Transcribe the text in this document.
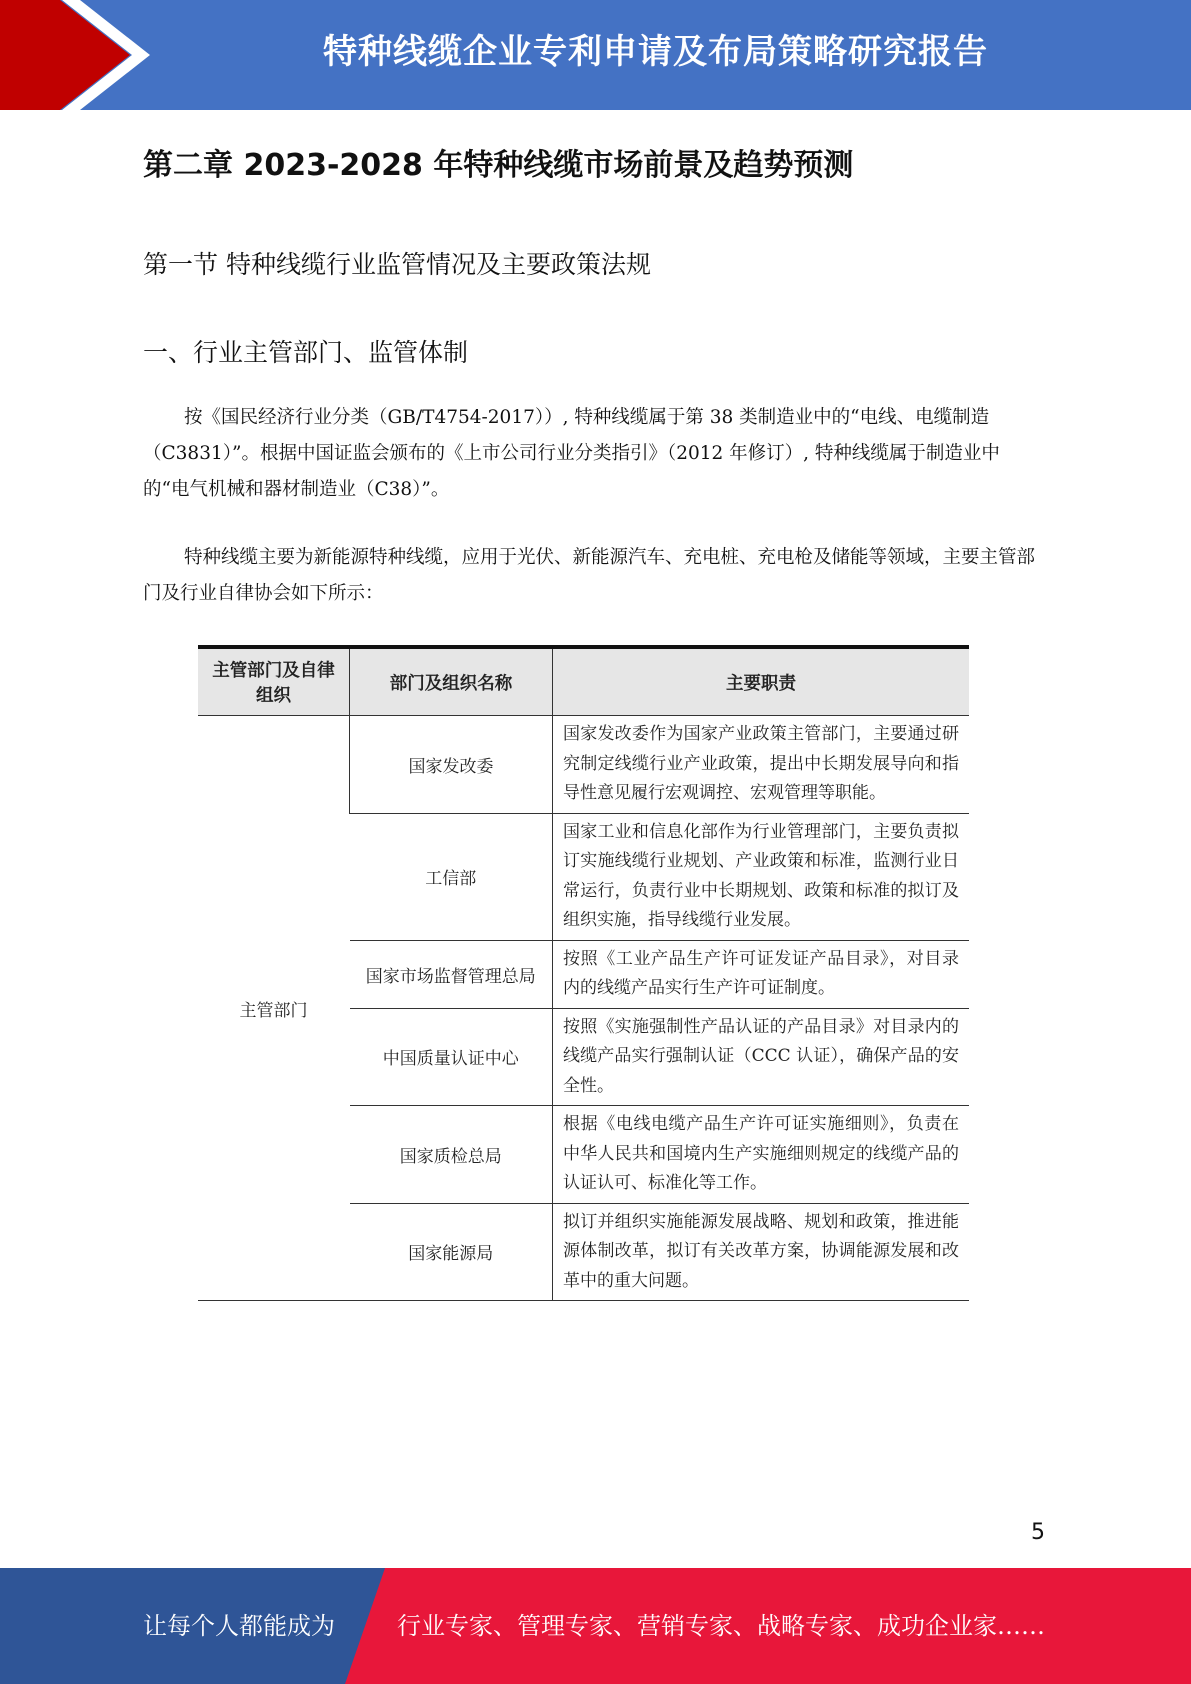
特种线缆企业专利申请及布局策略研究报告
第二章 2023-2028 年特种线缆市场前景及趋势预测
第一节 特种线缆行业监管情况及主要政策法规
一、行业主管部门、监管体制

按《国民经济行业分类（GB/T4754-2017））, 特种线缆属于第 38 类制造业中的“电线、电缆制造（C3831）”。根据中国证监会颁布的《上市公司行业分类指引》（2012 年修订）, 特种线缆属于制造业中的“电气机械和器材制造业（C38）”。

特种线缆主要为新能源特种线缆，应用于光伏、新能源汽车、充电桩、充电枪及储能等领域，主要主管部门及行业自律协会如下所示：

主管部门及自律组织	部门及组织名称	主要职责
主管部门	国家发改委	国家发改委作为国家产业政策主管部门，主要通过研究制定线缆行业产业政策，提出中长期发展导向和指导性意见履行宏观调控、宏观管理等职能。
	工信部	国家工业和信息化部作为行业管理部门，主要负责拟订实施线缆行业规划、产业政策和标准，监测行业日常运行，负责行业中长期规划、政策和标准的拟订及组织实施，指导线缆行业发展。
	国家市场监督管理总局	按照《工业产品生产许可证发证产品目录》，对目录内的线缆产品实行生产许可证制度。
	中国质量认证中心	按照《实施强制性产品认证的产品目录》对目录内的线缆产品实行强制认证（CCC 认证），确保产品的安全性。
	国家质检总局	根据《电线电缆产品生产许可证实施细则》，负责在中华人民共和国境内生产实施细则规定的线缆产品的认证认可、标准化等工作。
	国家能源局	拟订并组织实施能源发展战略、规划和政策，推进能源体制改革，拟订有关改革方案，协调能源发展和改革中的重大问题。
5
让每个人都能成为	行业专家、管理专家、营销专家、战略专家、成功企业家……
